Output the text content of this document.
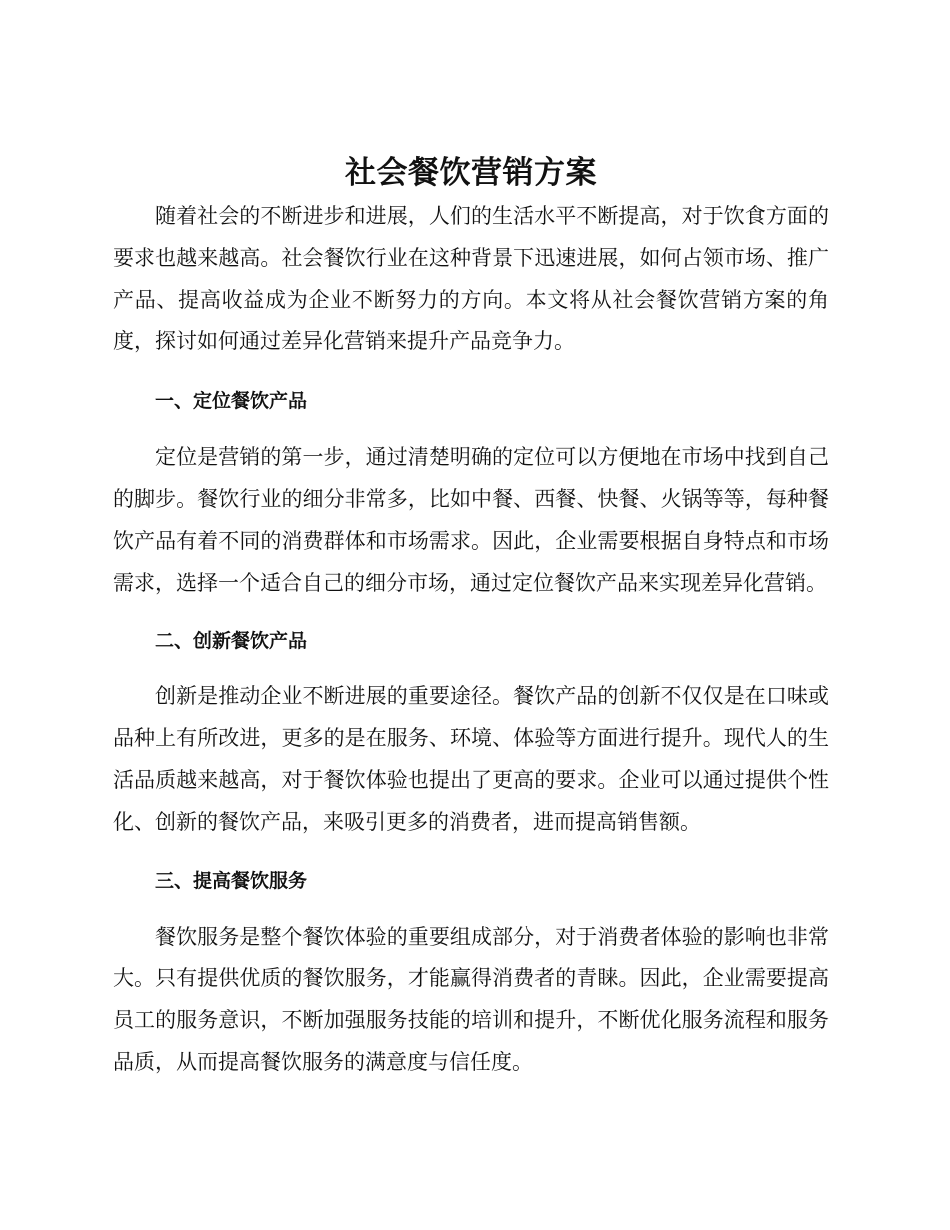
社会餐饮营销方案

随着社会的不断进步和进展，人们的生活水平不断提高，对于饮食方面的要求也越来越高。社会餐饮行业在这种背景下迅速进展，如何占领市场、推广产品、提高收益成为企业不断努力的方向。本文将从社会餐饮营销方案的角度，探讨如何通过差异化营销来提升产品竞争力。

一、定位餐饮产品

定位是营销的第一步，通过清楚明确的定位可以方便地在市场中找到自己的脚步。餐饮行业的细分非常多，比如中餐、西餐、快餐、火锅等等，每种餐饮产品有着不同的消费群体和市场需求。因此，企业需要根据自身特点和市场需求，选择一个适合自己的细分市场，通过定位餐饮产品来实现差异化营销。

二、创新餐饮产品

创新是推动企业不断进展的重要途径。餐饮产品的创新不仅仅是在口味或品种上有所改进，更多的是在服务、环境、体验等方面进行提升。现代人的生活品质越来越高，对于餐饮体验也提出了更高的要求。企业可以通过提供个性化、创新的餐饮产品，来吸引更多的消费者，进而提高销售额。

三、提高餐饮服务

餐饮服务是整个餐饮体验的重要组成部分，对于消费者体验的影响也非常大。只有提供优质的餐饮服务，才能赢得消费者的青睐。因此，企业需要提高员工的服务意识，不断加强服务技能的培训和提升，不断优化服务流程和服务品质，从而提高餐饮服务的满意度与信任度。
